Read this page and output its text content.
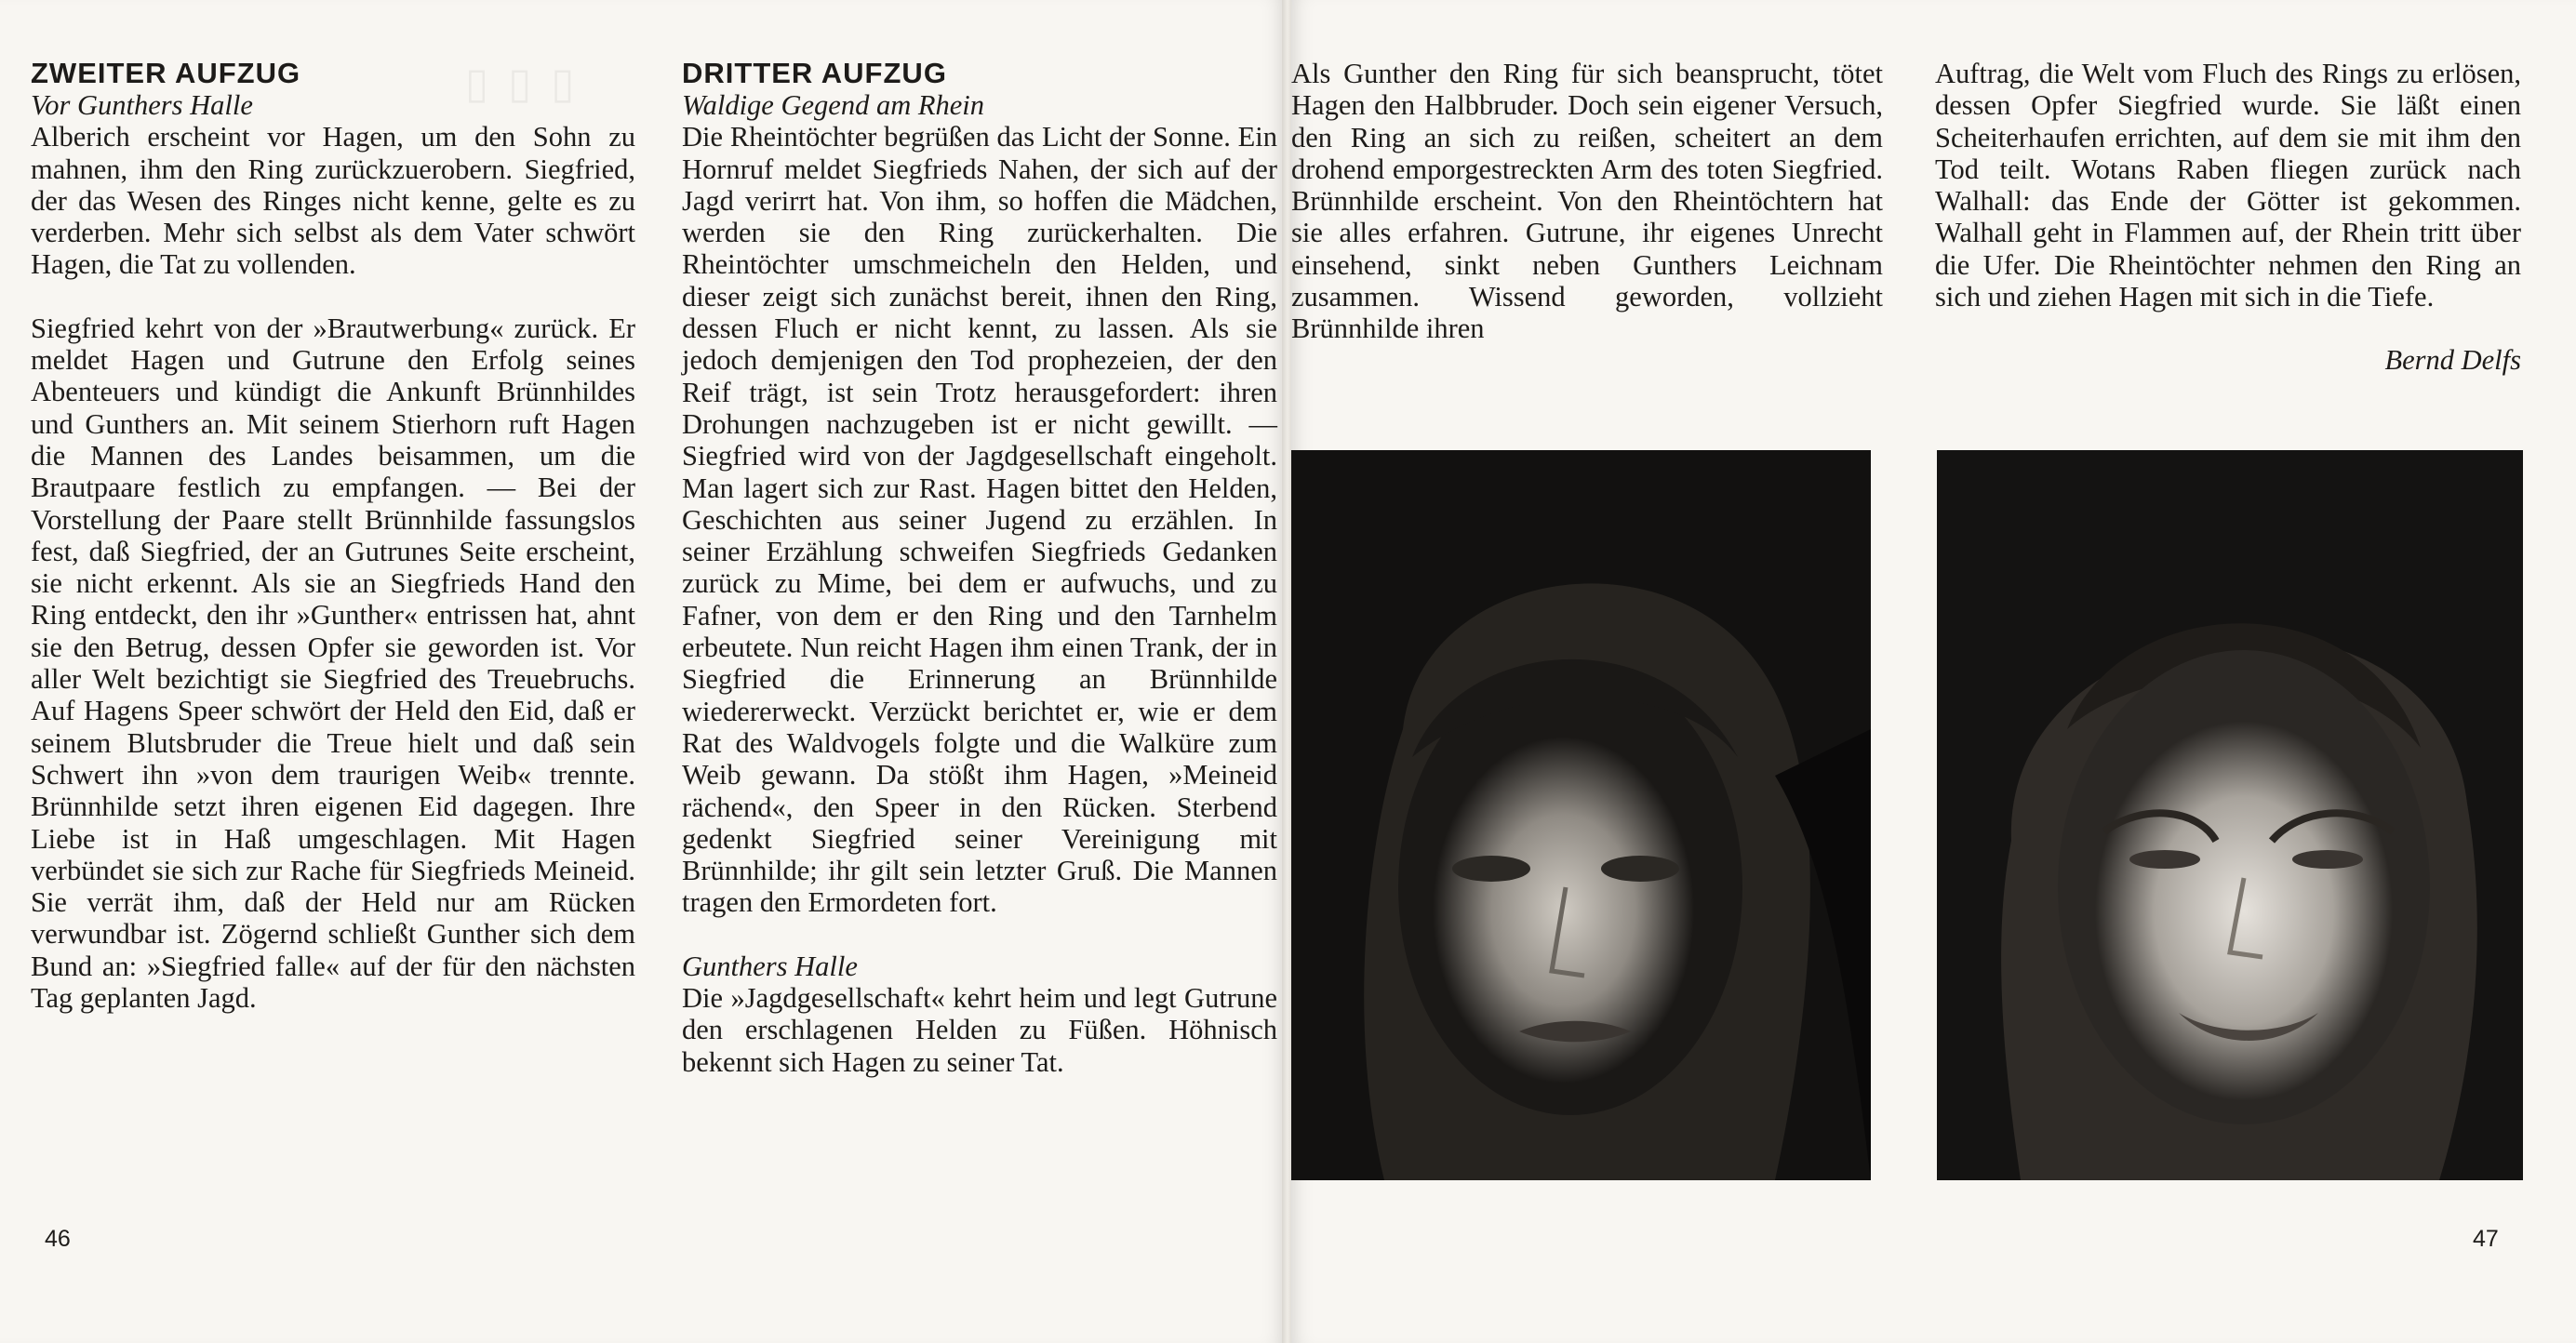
▯ ▯ ▯
ZWEITER AUFZUG
Vor Gunthers Halle

Alberich erscheint vor Hagen, um den Sohn zu mahnen, ihm den Ring zurückzuerobern. Siegfried, der das Wesen des Ringes nicht kenne, gelte es zu verderben. Mehr sich selbst als dem Vater schwört Hagen, die Tat zu vollenden.

Siegfried kehrt von der »Brautwerbung« zurück. Er meldet Hagen und Gutrune den Erfolg seines Abenteuers und kündigt die Ankunft Brünnhildes und Gunthers an. Mit seinem Stierhorn ruft Hagen die Mannen des Landes beisammen, um die Brautpaare festlich zu empfangen. — Bei der Vorstellung der Paare stellt Brünnhilde fassungslos fest, daß Siegfried, der an Gutrunes Seite erscheint, sie nicht erkennt. Als sie an Siegfrieds Hand den Ring entdeckt, den ihr »Gunther« entrissen hat, ahnt sie den Betrug, dessen Opfer sie geworden ist. Vor aller Welt bezichtigt sie Siegfried des Treuebruchs. Auf Hagens Speer schwört der Held den Eid, daß er seinem Blutsbruder die Treue hielt und daß sein Schwert ihn »von dem traurigen Weib« trennte. Brünnhilde setzt ihren eigenen Eid dagegen. Ihre Liebe ist in Haß umgeschlagen. Mit Hagen verbündet sie sich zur Rache für Siegfrieds Meineid. Sie verrät ihm, daß der Held nur am Rücken verwundbar ist. Zögernd schließt Gunther sich dem Bund an: »Siegfried falle« auf der für den nächsten Tag geplanten Jagd.

DRITTER AUFZUG
Waldige Gegend am Rhein

Die Rheintöchter begrüßen das Licht der Sonne. Ein Hornruf meldet Siegfrieds Nahen, der sich auf der Jagd verirrt hat. Von ihm, so hoffen die Mädchen, werden sie den Ring zurückerhalten. Die Rheintöchter umschmeicheln den Helden, und dieser zeigt sich zunächst bereit, ihnen den Ring, dessen Fluch er nicht kennt, zu lassen. Als sie jedoch demjenigen den Tod prophezeien, der den Reif trägt, ist sein Trotz herausgefordert: ihren Drohungen nachzugeben ist er nicht gewillt. — Siegfried wird von der Jagdgesellschaft eingeholt. Man lagert sich zur Rast. Hagen bittet den Helden, Geschichten aus seiner Jugend zu erzählen. In seiner Erzählung schweifen Siegfrieds Gedanken zurück zu Mime, bei dem er aufwuchs, und zu Fafner, von dem er den Ring und den Tarnhelm erbeutete. Nun reicht Hagen ihm einen Trank, der in Siegfried die Erinnerung an Brünnhilde wiedererweckt. Verzückt berichtet er, wie er dem Rat des Waldvogels folgte und die Walküre zum Weib gewann. Da stößt ihm Hagen, »Meineid rächend«, den Speer in den Rücken. Sterbend gedenkt Siegfried seiner Vereinigung mit Brünnhilde; ihr gilt sein letzter Gruß. Die Mannen tragen den Ermordeten fort.

Gunthers Halle

Die »Jagdgesellschaft« kehrt heim und legt Gutrune den erschlagenen Helden zu Füßen. Höhnisch bekennt sich Hagen zu seiner Tat.

46

Als Gunther den Ring für sich beansprucht, tötet Hagen den Halbbruder. Doch sein eigener Versuch, den Ring an sich zu reißen, scheitert an dem drohend emporgestreckten Arm des toten Siegfried. Brünnhilde erscheint. Von den Rheintöchtern hat sie alles erfahren. Gutrune, ihr eigenes Unrecht einsehend, sinkt neben Gunthers Leichnam zusammen. Wissend geworden, vollzieht Brünnhilde ihren

Auftrag, die Welt vom Fluch des Rings zu erlösen, dessen Opfer Siegfried wurde. Sie läßt einen Scheiterhaufen errichten, auf dem sie mit ihm den Tod teilt. Wotans Raben fliegen zurück nach Walhall: das Ende der Götter ist gekommen. Walhall geht in Flammen auf, der Rhein tritt über die Ufer. Die Rheintöchter nehmen den Ring an sich und ziehen Hagen mit sich in die Tiefe.

Bernd Delfs
47
